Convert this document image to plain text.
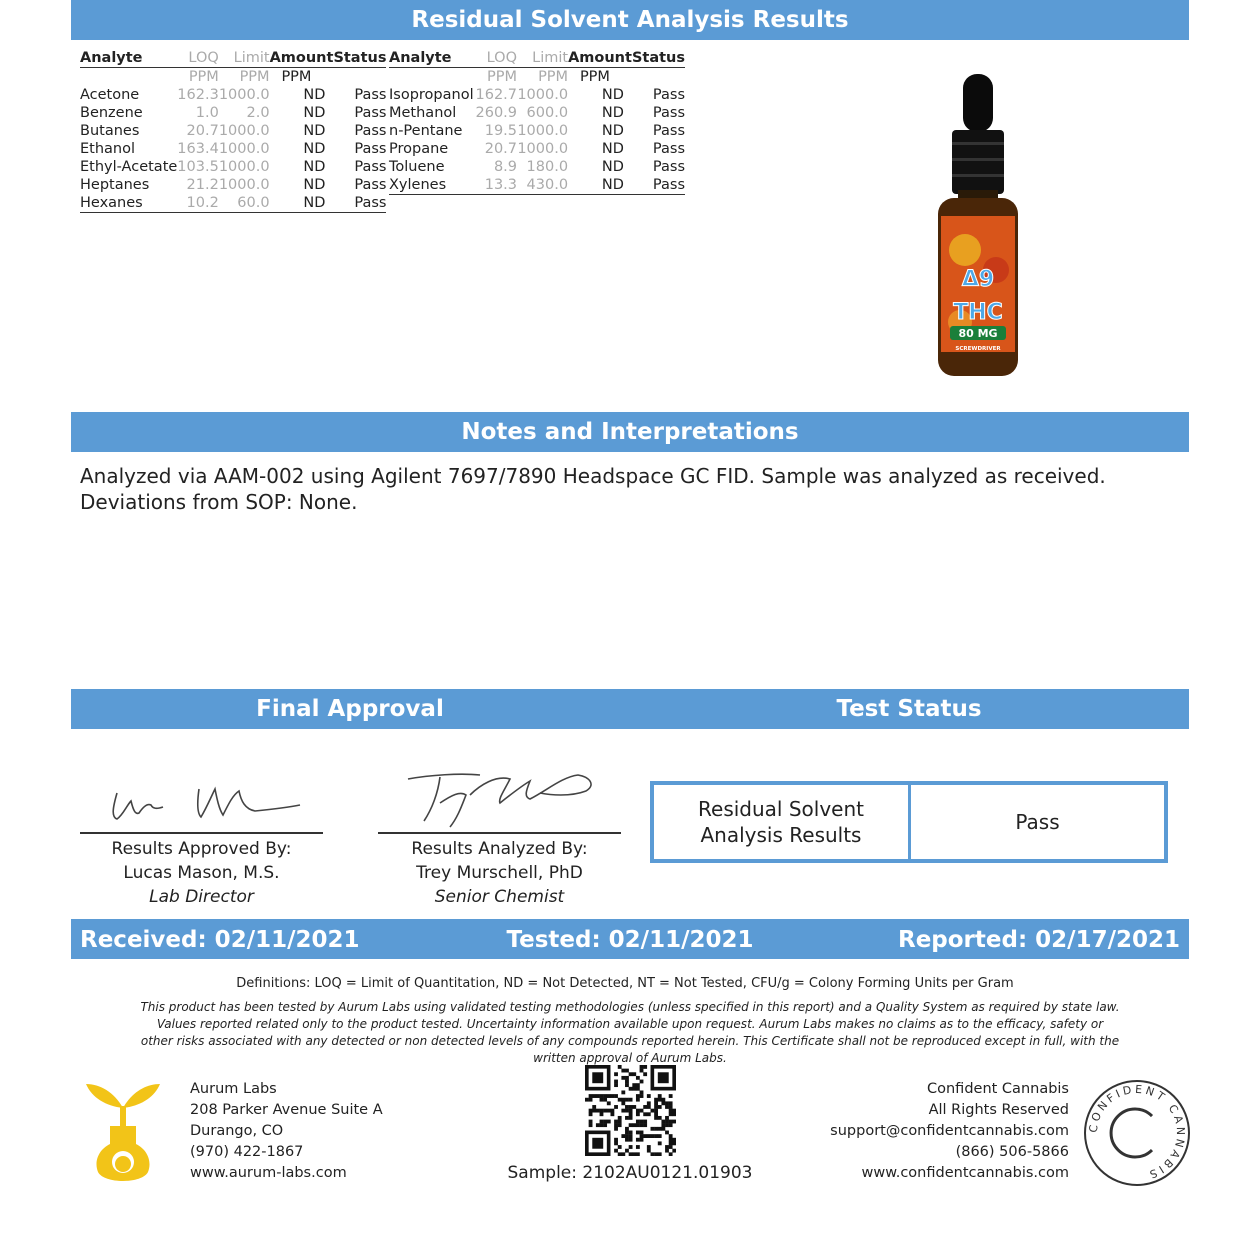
Residual Solvent Analysis Results
Analyte	LOQ	Limit	Amount	Status
	PPM	PPM	PPM	
Acetone	162.3	1000.0	ND	Pass
Benzene	1.0	2.0	ND	Pass
Butanes	20.7	1000.0	ND	Pass
Ethanol	163.4	1000.0	ND	Pass
Ethyl-Acetate	103.5	1000.0	ND	Pass
Heptanes	21.2	1000.0	ND	Pass
Hexanes	10.2	60.0	ND	Pass
Analyte	LOQ	Limit	Amount	Status
	PPM	PPM	PPM	
Isopropanol	162.7	1000.0	ND	Pass
Methanol	260.9	600.0	ND	Pass
n-Pentane	19.5	1000.0	ND	Pass
Propane	20.7	1000.0	ND	Pass
Toluene	8.9	180.0	ND	Pass
Xylenes	13.3	430.0	ND	Pass
Δ9
THC
80 MG
SCREWDRIVER
Notes and Interpretations
Analyzed via AAM-002 using Agilent 7697/7890 Headspace GC FID. Sample was analyzed as received. Deviations from SOP: None.
Final Approval	Test Status
Results Approved By:
Lucas Mason, M.S.
Lab Director
Results Analyzed By:
Trey Murschell, PhD
Senior Chemist
Residual Solvent Analysis Results
Pass
Received: 02/11/2021	Tested: 02/11/2021	Reported: 02/17/2021
Definitions: LOQ = Limit of Quantitation, ND = Not Detected, NT = Not Tested, CFU/g = Colony Forming Units per Gram
This product has been tested by Aurum Labs using validated testing methodologies (unless specified in this report) and a Quality System as required by state law. Values reported related only to the product tested. Uncertainty information available upon request. Aurum Labs makes no claims as to the efficacy, safety or other risks associated with any detected or non detected levels of any compounds reported herein. This Certificate shall not be reproduced except in full, with the written approval of Aurum Labs.
Aurum Labs
208 Parker Avenue Suite A
Durango, CO
(970) 422-1867
www.aurum-labs.com	Sample: 2102AU0121.01903
Confident Cannabis
All Rights Reserved
support@confidentcannabis.com
(866) 506-5866
www.confidentcannabis.com
CONFIDENT CANNABIS
